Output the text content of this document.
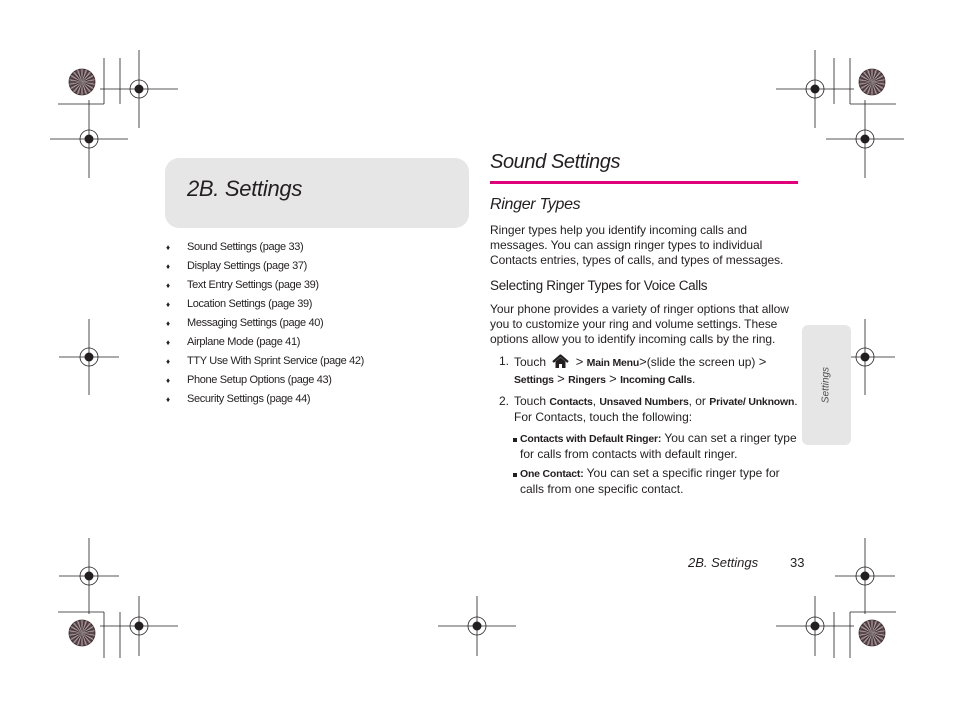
2B. Settings
♦ Sound Settings (page 33)
♦ Display Settings (page 37)
♦ Text Entry Settings (page 39)
♦ Location Settings (page 39)
♦ Messaging Settings (page 40)
♦ Airplane Mode (page 41)
♦ TTY Use With Sprint Service (page 42)
♦ Phone Setup Options (page 43)
♦ Security Settings (page 44)
Sound Settings
Ringer Types

Ringer types help you identify incoming calls and messages. You can assign ringer types to individual Contacts entries, types of calls, and types of messages.

Selecting Ringer Types for Voice Calls

Your phone provides a variety of ringer options that allow you to customize your ring and volume settings. These options allow you to identify incoming calls by the ring.

1. Touch > Main Menu>(slide the screen up) > Settings > Ringers > Incoming Calls.
2. Touch Contacts, Unsaved Numbers, or Private/ Unknown. For Contacts, touch the following:
Contacts with Default Ringer: You can set a ringer type for calls from contacts with default ringer.
One Contact: You can set a specific ringer type for calls from one specific contact.
Settings
2B. Settings 33
